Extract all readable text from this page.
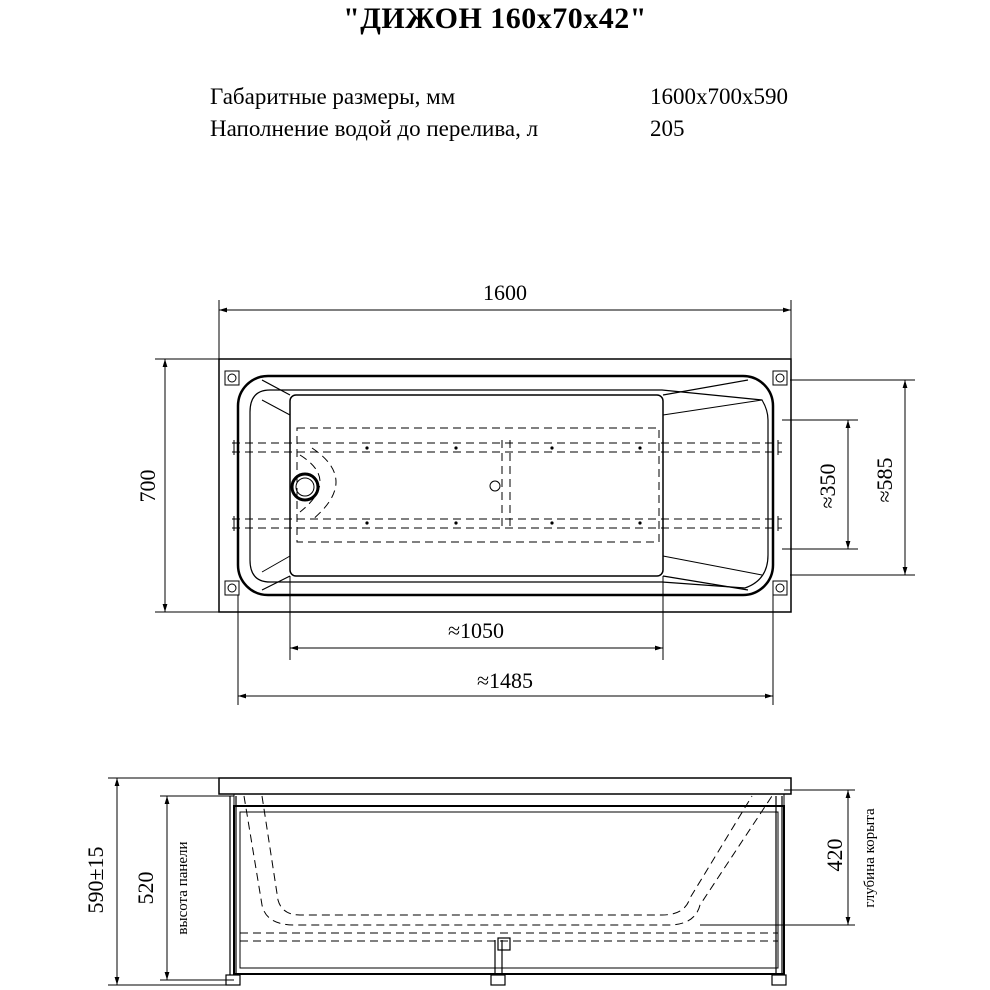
"ДИЖОН 160х70х42"
Габаритные размеры, мм	1600х700х590
Наполнение водой до перелива, л	205
1600
700
≈1050
≈1485
≈350 ≈585
590±15 520 высота панели	420 глубина корыта
